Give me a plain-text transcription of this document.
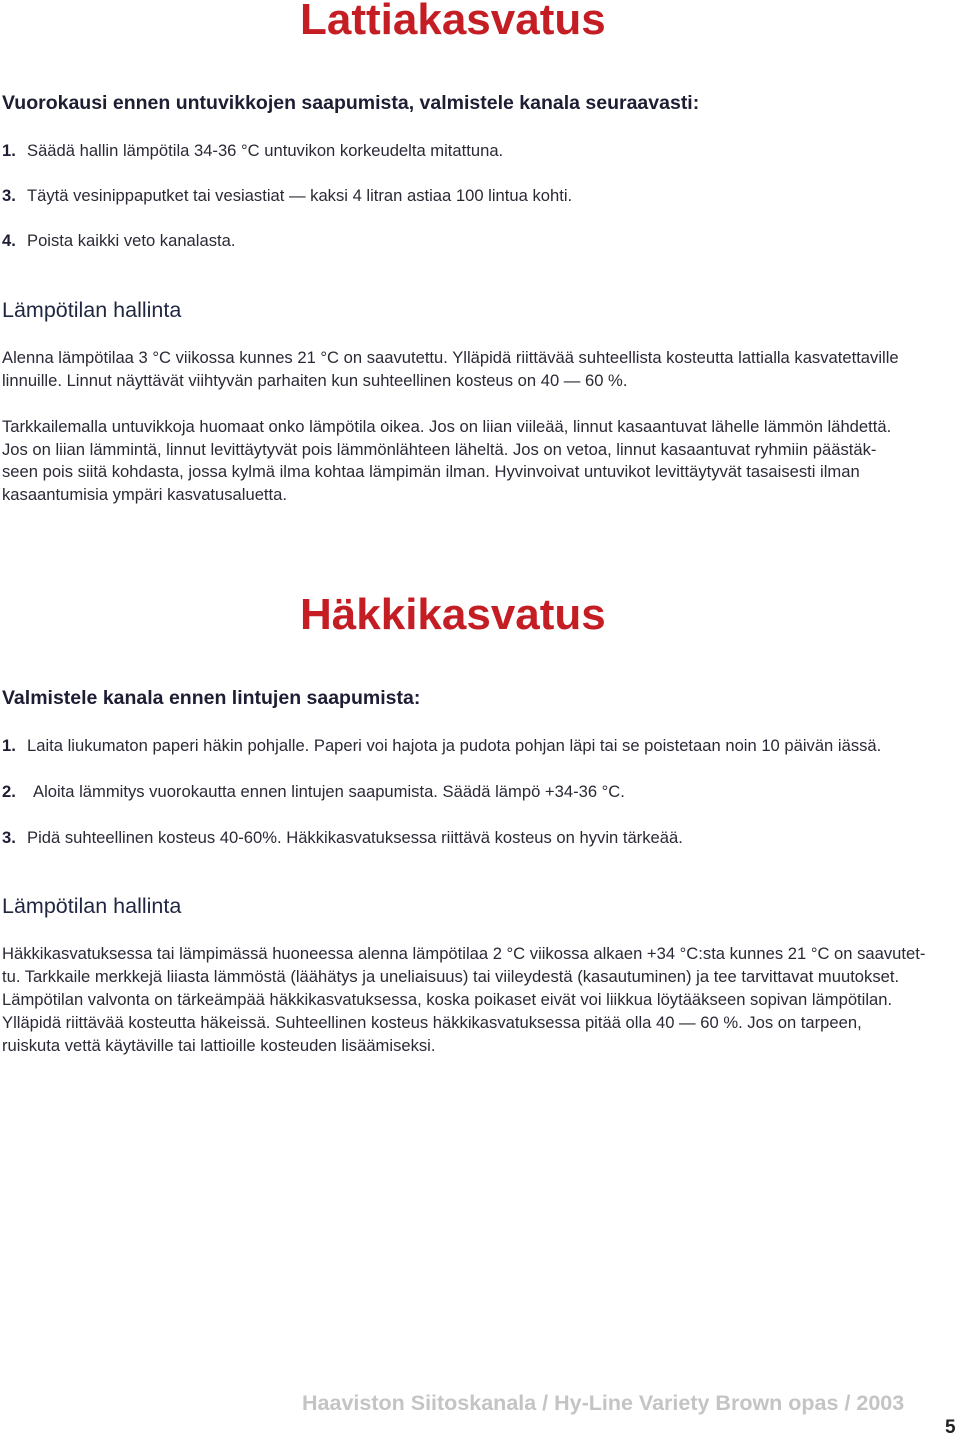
Lattiakasvatus
Vuorokausi ennen untuvikkojen saapumista, valmistele kanala seuraavasti:
1. Säädä hallin lämpötila 34-36 °C untuvikon korkeudelta mitattuna.
3. Täytä vesinippaputket tai vesiastiat — kaksi 4 litran astiaa 100 lintua kohti.
4. Poista kaikki veto kanalasta.
Lämpötilan hallinta
Alenna lämpötilaa 3 °C viikossa kunnes 21 °C on saavutettu. Ylläpidä riittävää suhteellista kosteutta lattialla kasvatettaville
linnuille. Linnut näyttävät viihtyvän parhaiten kun suhteellinen kosteus on 40 — 60 %.
Tarkkailemalla untuvikkoja huomaat onko lämpötila oikea. Jos on liian viileää, linnut kasaantuvat lähelle lämmön lähdettä.
Jos on liian lämmintä, linnut levittäytyvät pois lämmönlähteen läheltä. Jos on vetoa, linnut kasaantuvat ryhmiin päästäk-
seen pois siitä kohdasta, jossa kylmä ilma kohtaa lämpimän ilman. Hyvinvoivat untuvikot levittäytyvät tasaisesti ilman
kasaantumisia ympäri kasvatusaluetta.
Häkkikasvatus
Valmistele kanala ennen lintujen saapumista:
1. Laita liukumaton paperi häkin pohjalle. Paperi voi hajota ja pudota pohjan läpi tai se poistetaan noin 10 päivän iässä.
2. Aloita lämmitys vuorokautta ennen lintujen saapumista. Säädä lämpö +34-36 °C.
3. Pidä suhteellinen kosteus 40-60%. Häkkikasvatuksessa riittävä kosteus on hyvin tärkeää.
Lämpötilan hallinta
Häkkikasvatuksessa tai lämpimässä huoneessa alenna lämpötilaa 2 °C viikossa alkaen +34 °C:sta kunnes 21 °C on saavutet-
tu. Tarkkaile merkkejä liiasta lämmöstä (läähätys ja uneliaisuus) tai viileydestä (kasautuminen) ja tee tarvittavat muutokset.
Lämpötilan valvonta on tärkeämpää häkkikasvatuksessa, koska poikaset eivät voi liikkua löytääkseen sopivan lämpötilan.
Ylläpidä riittävää kosteutta häkeissä. Suhteellinen kosteus häkkikasvatuksessa pitää olla 40 — 60 %. Jos on tarpeen,
ruiskuta vettä käytäville tai lattioille kosteuden lisäämiseksi.
Haaviston Siitoskanala / Hy-Line Variety Brown opas / 2003
5
